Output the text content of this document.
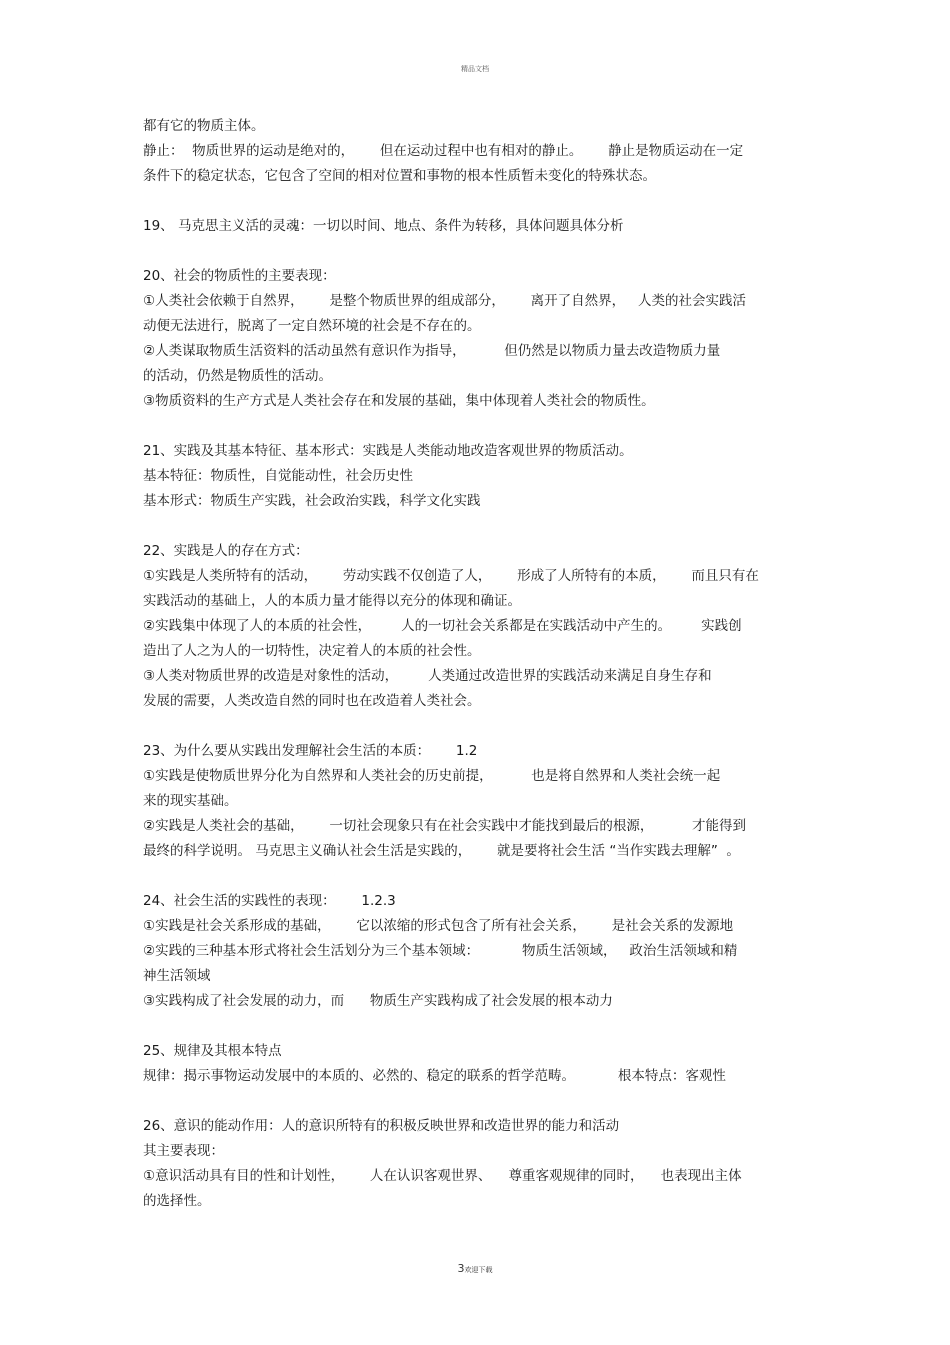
精品文档
都有它的物质主体。
静止：  物质世界的运动是绝对的，      但在运动过程中也有相对的静止。      静止是物质运动在一定
条件下的稳定状态，它包含了空间的相对位置和事物的根本性质暂未变化的特殊状态。
19、 马克思主义活的灵魂：一切以时间、地点、条件为转移，具体问题具体分析
20、社会的物质性的主要表现：
①人类社会依赖于自然界，      是整个物质世界的组成部分，      离开了自然界，   人类的社会实践活
动便无法进行，脱离了一定自然环境的社会是不存在的。
②人类谋取物质生活资料的活动虽然有意识作为指导，         但仍然是以物质力量去改造物质力量
的活动，仍然是物质性的活动。
③物质资料的生产方式是人类社会存在和发展的基础，集中体现着人类社会的物质性。
21、实践及其基本特征、基本形式：实践是人类能动地改造客观世界的物质活动。
基本特征：物质性，自觉能动性，社会历史性
基本形式：物质生产实践，社会政治实践，科学文化实践
22、实践是人的存在方式：
①实践是人类所特有的活动，      劳动实践不仅创造了人，      形成了人所特有的本质，      而且只有在
实践活动的基础上，人的本质力量才能得以充分的体现和确证。
②实践集中体现了人的本质的社会性，       人的一切社会关系都是在实践活动中产生的。       实践创
造出了人之为人的一切特性，决定着人的本质的社会性。
③人类对物质世界的改造是对象性的活动，       人类通过改造世界的实践活动来满足自身生存和
发展的需要，人类改造自然的同时也在改造着人类社会。
23、为什么要从实践出发理解社会生活的本质：      1.2
①实践是使物质世界分化为自然界和人类社会的历史前提，         也是将自然界和人类社会统一起
来的现实基础。
②实践是人类社会的基础，      一切社会现象只有在社会实践中才能找到最后的根源，         才能得到
最终的科学说明。 马克思主义确认社会生活是实践的，      就是要将社会生活 “当作实践去理解”  。
24、社会生活的实践性的表现：      1.2.3
①实践是社会关系形成的基础，      它以浓缩的形式包含了所有社会关系，      是社会关系的发源地
②实践的三种基本形式将社会生活划分为三个基本领域：          物质生活领域，   政治生活领域和精
神生活领域
③实践构成了社会发展的动力，而      物质生产实践构成了社会发展的根本动力
25、规律及其根本特点
规律：揭示事物运动发展中的本质的、必然的、稳定的联系的哲学范畴。          根本特点：客观性
26、意识的能动作用：人的意识所特有的积极反映世界和改造世界的能力和活动
其主要表现：
①意识活动具有目的性和计划性，      人在认识客观世界、    尊重客观规律的同时，    也表现出主体
的选择性。
3欢迎下载
